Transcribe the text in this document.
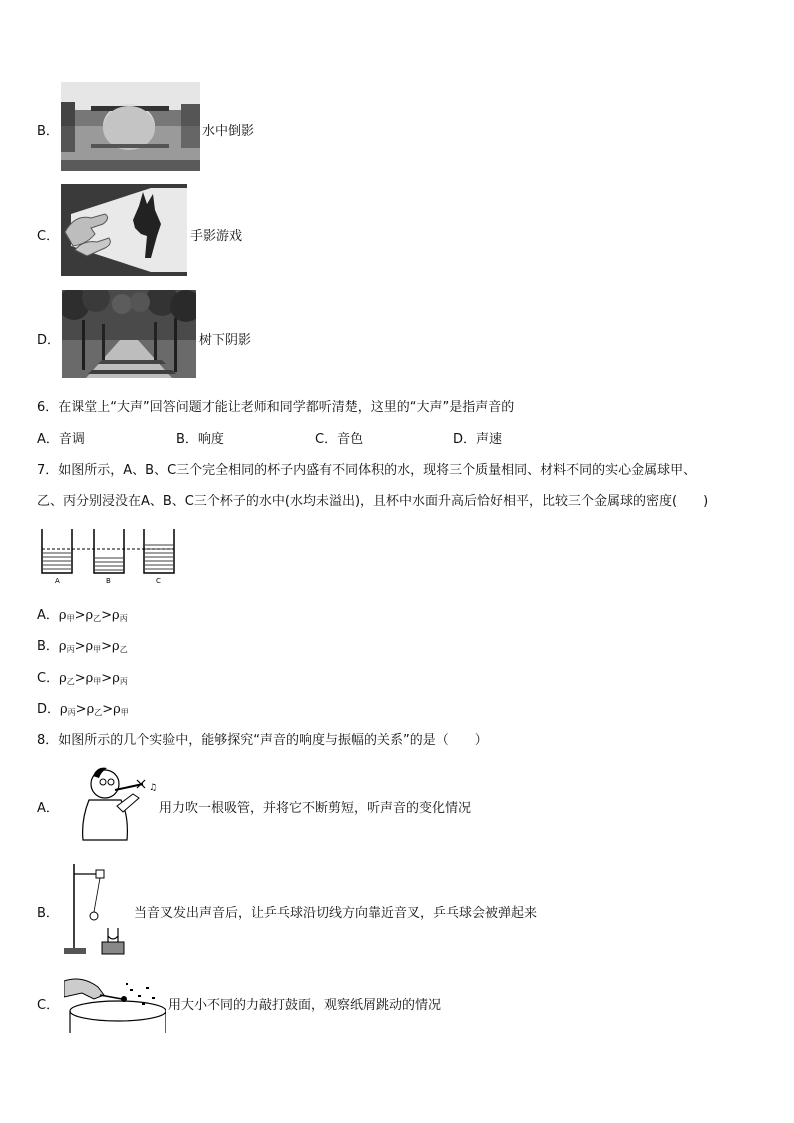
B．	水中倒影
C．	手影游戏
D．	树下阴影
6．在课堂上“大声”回答问题才能让老师和同学都听清楚，这里的“大声”是指声音的
A．音调	B．响度	C．音色	D．声速
7．如图所示，A、B、C三个完全相同的杯子内盛有不同体积的水，现将三个质量相同、材料不同的实心金属球甲、
乙、丙分别浸没在A、B、C三个杯子的水中(水均未溢出)，且杯中水面升高后恰好相平，比较三个金属球的密度(　　)
A	B	C
A．$\rho_甲>\rho_乙>\rho_丙$
B．$\rho_丙>\rho_甲>\rho_乙$
C．$\rho_乙>\rho_甲>\rho_丙$
D．$\rho_丙>\rho_乙>\rho_甲$
8．如图所示的几个实验中，能够探究“声音的响度与振幅的关系”的是（　　）
A．
♫
用力吹一根吸管，并将它不断剪短，听声音的变化情况
B．	当音叉发出声音后，让乒乓球沿切线方向靠近音叉，乒乓球会被弹起来
C．	用大小不同的力敲打鼓面，观察纸屑跳动的情况
